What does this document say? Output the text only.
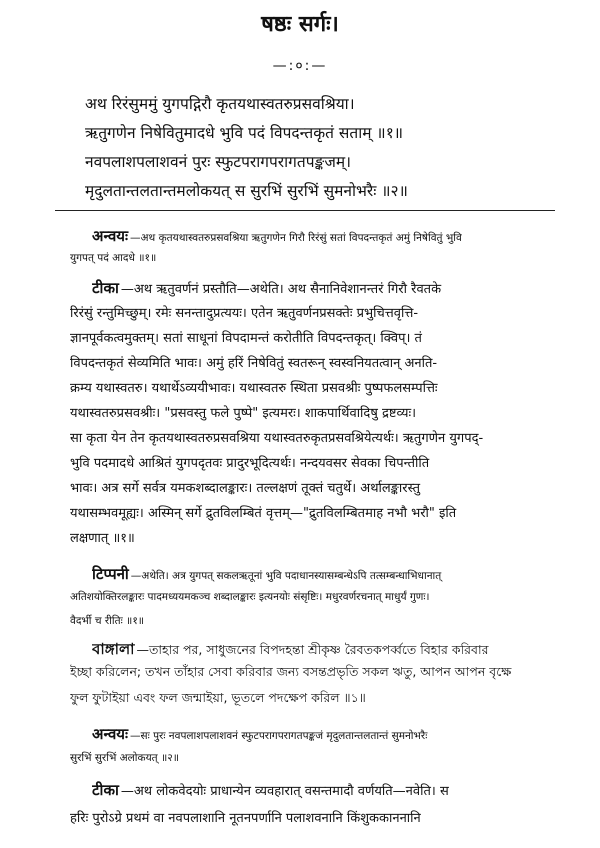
षष्ठः सर्गः।
—:०:—
अथ रिरंसुममुं युगपद्गिरौ कृतयथास्वतरुप्रसवश्रिया।
ऋतुगणेन निषेवितुमादधे भुवि पदं विपदन्तकृतं सताम् ॥१॥
नवपलाशपलाशवनं पुरः स्फुटपरागपरागतपङ्कजम्।
मृदुलतान्तलतान्तमलोकयत् स सुरभिं सुरभिं सुमनोभरैः ॥२॥
अन्वयः —अथ कृतयथास्वतरुप्रसवश्रिया ऋतुगणेन गिरौ रिरंसुं सतां विपदन्तकृतं अमुं निषेवितुं भुवि
युगपत् पदं आदधे ॥१॥
टीका —अथ ऋतुवर्णनं प्रस्तौति—अथेति। अथ सैनानिवेशानन्तरं गिरौ रैवतके
रिरंसुं रन्तुमिच्छुम्। रमेः सनन्तादुप्रत्ययः। एतेन ऋतुवर्णनप्रसक्तेः प्रभुचित्तवृत्ति-
ज्ञानपूर्वकत्वमुक्तम्। सतां साधूनां विपदामन्तं करोतीति विपदन्तकृत्। क्विप्। तं
विपदन्तकृतं सेव्यमिति भावः। अमुं हरिं निषेवितुं स्वतरून् स्वस्वनियतत्वान् अनति-
क्रम्य यथास्वतरु। यथार्थेऽव्ययीभावः। यथास्वतरु स्थिता प्रसवश्रीः पुष्पफलसम्पत्तिः
यथास्वतरुप्रसवश्रीः। "प्रसवस्तु फले पुष्पे" इत्यमरः। शाकपार्थिवादिषु द्रष्टव्यः।
सा कृता येन तेन कृतयथास्वतरुप्रसवश्रिया यथास्वतरुकृतप्रसवश्रियेत्यर्थः। ऋतुगणेन युगपद्-
भुवि पदमादधे आश्रितं युगपदृतवः प्रादुरभूदित्यर्थः। नन्दयवसर सेवका चिपन्तीति
भावः। अत्र सर्गे सर्वत्र यमकशब्दालङ्कारः। तल्लक्षणं तूक्तं चतुर्थे। अर्थालङ्कारस्तु
यथासम्भवमूह्यः। अस्मिन् सर्गे द्रुतविलम्बितं वृत्तम्—"द्रुतविलम्बितमाह नभौ भरौ" इति
लक्षणात् ॥१॥
टिप्पनी —अथेति। अत्र युगपत् सकलऋतूनां भुवि पदाधानस्यासम्बन्धेऽपि तत्सम्बन्धाभिधानात्
अतिशयोक्तिरलङ्कारः पादमध्ययमकञ्च शब्दालङ्कारः इत्यनयोः संसृष्टिः। मधुरवर्णरचनात् माधुर्यं गुणः।
वैदर्भी च रीतिः ॥१॥
বাঙ্গালা —তাহার পর, সাধুজনের বিপদহন্তা শ্রীকৃষ্ণ রৈবতকপর্ব্বতে বিহার করিবার
ইচ্ছা করিলেন; তখন তাঁহার সেবা করিবার জন্য বসন্তপ্রভৃতি সকল ঋতু, আপন আপন বৃক্ষে
ফুল ফুটাইয়া এবং ফল জন্মাইয়া, ভূতলে পদক্ষেপ করিল ॥১॥
अन्वयः —सः पुरः नवपलाशपलाशवनं स्फुटपरागपरागतपङ्कजं मृदुलतान्तलतान्तं सुमनोभरैः
सुरभिं सुरभिं अलोकयत् ॥२॥
टीका —अथ लोकवेदयोः प्राधान्येन व्यवहारात् वसन्तमादौ वर्णयति—नवेति। स
हरिः पुरोऽग्रे प्रथमं वा नवपलाशानि नूतनपर्णानि पलाशवनानि किंशुककाननानि
